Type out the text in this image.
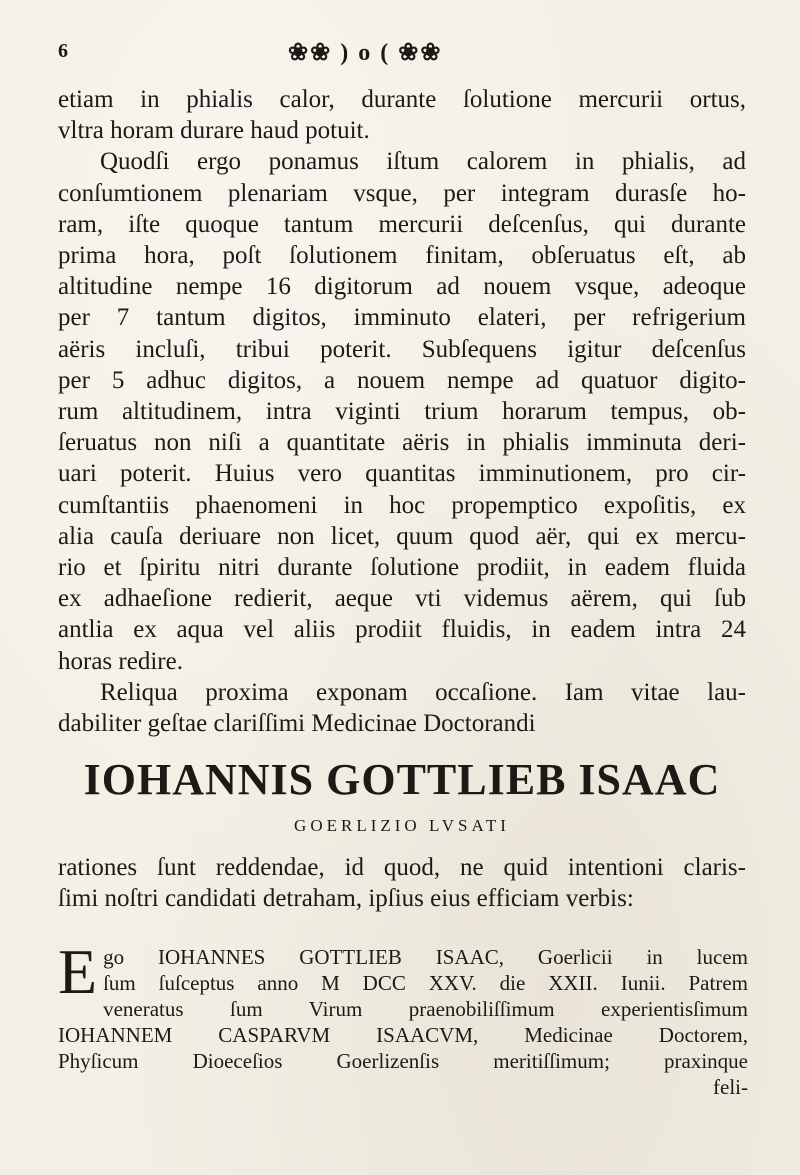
6	❀❀ ) o ( ❀❀
etiam in phialis calor, durante ſolutione mercurii ortus,
vltra horam durare haud potuit.
Quodſi ergo ponamus iſtum calorem in phialis, ad
conſumtionem plenariam vsque, per integram durasſe ho-
ram, iſte quoque tantum mercurii deſcenſus, qui durante
prima hora, poſt ſolutionem finitam, obſeruatus eſt, ab
altitudine nempe 16 digitorum ad nouem vsque, adeoque
per 7 tantum digitos, imminuto elateri, per refrigerium
aëris incluſi, tribui poterit. Subſequens igitur deſcenſus
per 5 adhuc digitos, a nouem nempe ad quatuor digito-
rum altitudinem, intra viginti trium horarum tempus, ob-
ſeruatus non niſi a quantitate aëris in phialis imminuta deri-
uari poterit. Huius vero quantitas imminutionem, pro cir-
cumſtantiis phaenomeni in hoc propemptico expoſitis, ex
alia cauſa deriuare non licet, quum quod aër, qui ex mercu-
rio et ſpiritu nitri durante ſolutione prodiit, in eadem fluida
ex adhaeſione redierit, aeque vti videmus aërem, qui ſub
antlia ex aqua vel aliis prodiit fluidis, in eadem intra 24
horas redire.
Reliqua proxima exponam occaſione. Iam vitae lau-
dabiliter geſtae clariſſimi Medicinae Doctorandi
IOHANNIS GOTTLIEB ISAAC
GOERLIZIO LVSATI
rationes ſunt reddendae, id quod, ne quid intentioni claris-
ſimi noſtri candidati detraham, ipſius eius efficiam verbis:
E go IOHANNES GOTTLIEB ISAAC, Goerlicii in lucem
ſum ſuſceptus anno M DCC XXV. die XXII. Iunii. Patrem
veneratus ſum Virum praenobiliſſimum experientisſimum
IOHANNEM CASPARVM ISAACVM, Medicinae Doctorem,
Phyſicum Dioeceſios Goerlizenſis meritiſſimum; praxinque
feli-
